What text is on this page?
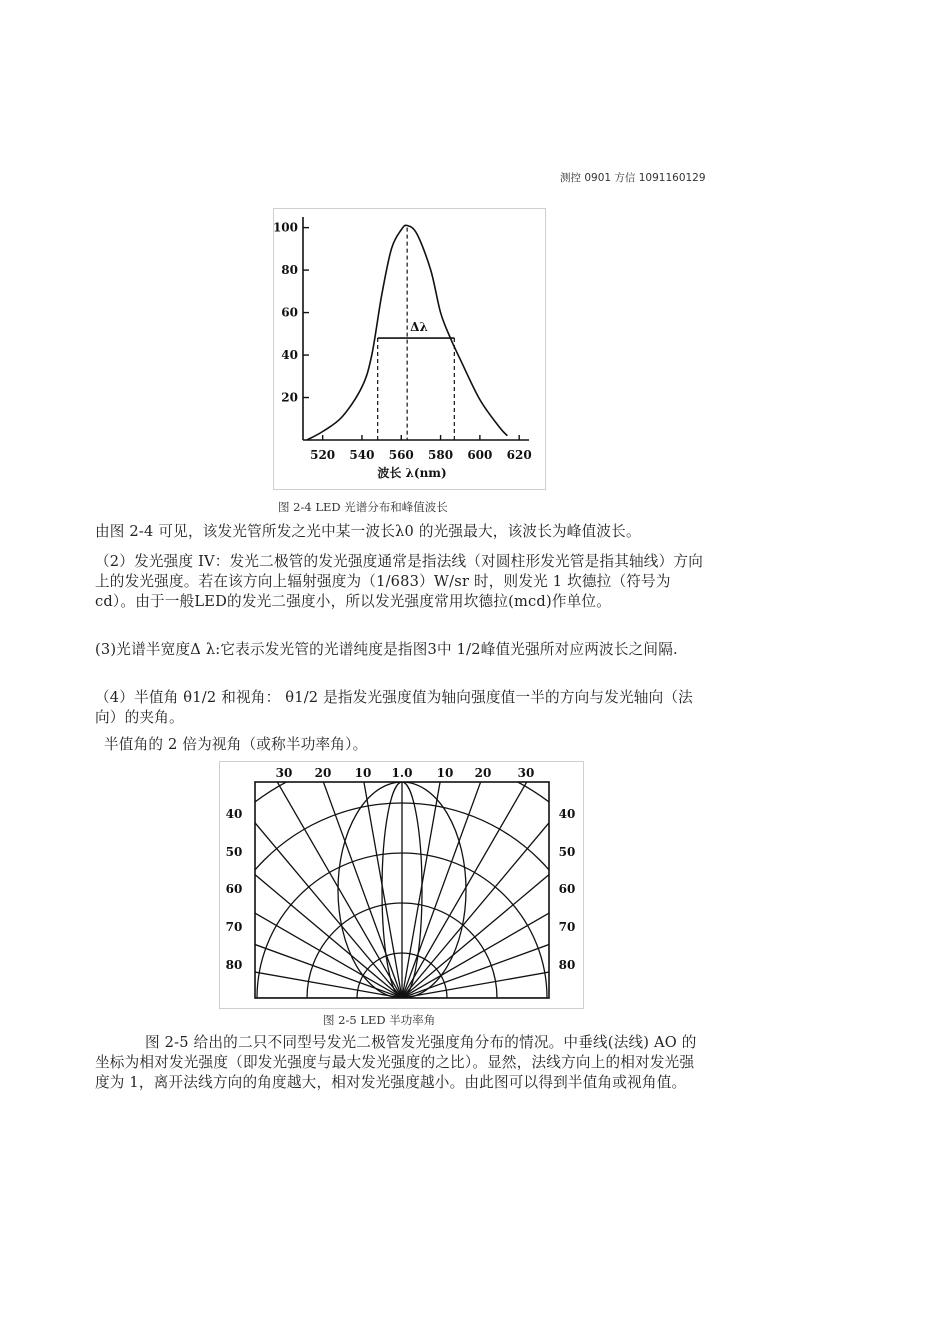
测控 0901 方信 1091160129
Δλ
520 540 560 580 600 620
20
40
60
80
100
波长 λ(nm)
图 2-4 LED 光谱分布和峰值波长

由图 2-4 可见，该发光管所发之光中某一波长λ0 的光强最大，该波长为峰值波长。

（2）发光强度 IV：发光二极管的发光强度通常是指法线（对圆柱形发光管是指其轴线）方向上的发光强度。若在该方向上辐射强度为（1/683）W/sr 时，则发光 1 坎德拉（符号为 cd）。由于一般LED的发光二强度小，所以发光强度常用坎德拉(mcd)作单位。

(3)光谱半宽度Δ λ:它表示发光管的光谱纯度是指图3中 1/2峰值光强所对应两波长之间隔.

（4）半值角 θ1/2 和视角： θ1/2 是指发光强度值为轴向强度值一半的方向与发光轴向（法向）的夹角。

半值角的 2 倍为视角（或称半功率角）。

30 20 10 1.0 10 20 30
40
50
60
70
80
40
50
60
70
80
图 2-5 LED 半功率角

图 2-5 给出的二只不同型号发光二极管发光强度角分布的情况。中垂线(法线) AO 的坐标为相对发光强度（即发光强度与最大发光强度的之比）。显然，法线方向上的相对发光强度为 1，离开法线方向的角度越大，相对发光强度越小。由此图可以得到半值角或视角值。
